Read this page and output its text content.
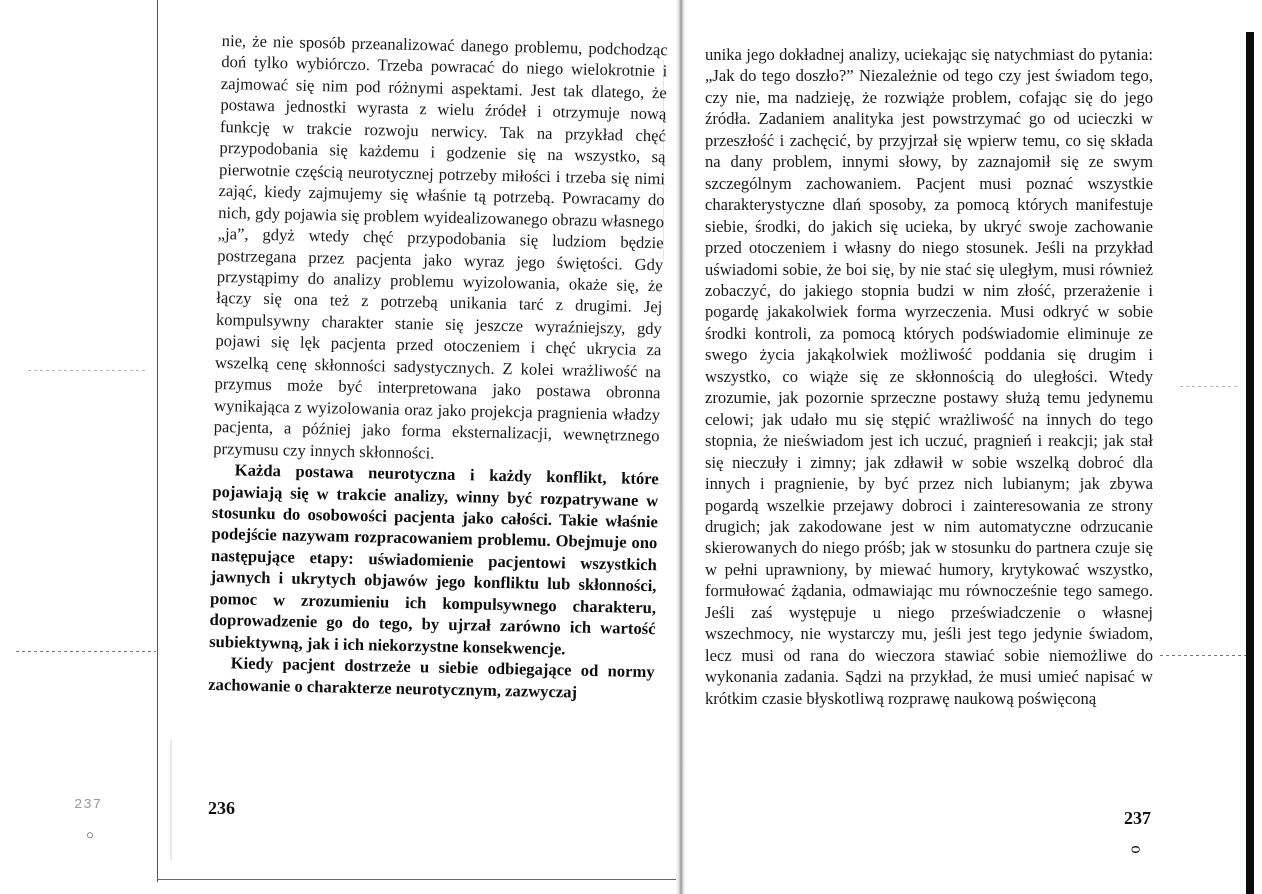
237
○

nie, że nie sposób przeanalizować danego problemu, podchodząc doń tylko wybiórczo. Trzeba powracać do niego wielokrotnie i zajmować się nim pod różnymi aspektami. Jest tak dlatego, że postawa jednostki wyrasta z wielu źródeł i otrzymuje nową funkcję w trakcie rozwoju nerwicy. Tak na przykład chęć przypodobania się każdemu i godzenie się na wszystko, są pierwotnie częścią neurotycznej potrzeby miłości i trzeba się nimi zająć, kiedy zajmujemy się właśnie tą potrzebą. Powracamy do nich, gdy pojawia się problem wyidealizowanego obrazu własnego „ja”, gdyż wtedy chęć przypodobania się ludziom będzie postrzegana przez pacjenta jako wyraz jego świętości. Gdy przystąpimy do analizy problemu wyizolowania, okaże się, że łączy się ona też z potrzebą unikania tarć z drugimi. Jej kompulsywny charakter stanie się jeszcze wyraźniejszy, gdy pojawi się lęk pacjenta przed otoczeniem i chęć ukrycia za wszelką cenę skłonności sadystycznych. Z kolei wrażliwość na przymus może być interpretowana jako postawa obronna wynikająca z wyizolowania oraz jako projekcja pragnienia władzy pacjenta, a później jako forma eksternalizacji, wewnętrznego przymusu czy innych skłonności.

Każda postawa neurotyczna i każdy konflikt, które pojawiają się w trakcie analizy, winny być rozpatrywane w stosunku do osobowości pacjenta jako całości. Takie właśnie podejście nazywam rozpracowaniem problemu. Obejmuje ono następujące etapy: uświadomienie pacjentowi wszystkich jawnych i ukrytych objawów jego konfliktu lub skłonności, pomoc w zrozumieniu ich kompulsywnego charakteru, doprowadzenie go do tego, by ujrzał zarówno ich wartość subiektywną, jak i ich niekorzystne konsekwencje.

Kiedy pacjent dostrzeże u siebie odbiegające od normy zachowanie o charakterze neurotycznym, zazwyczaj

236

unika jego dokładnej analizy, uciekając się natychmiast do pytania: „Jak do tego doszło?” Niezależnie od tego czy jest świadom tego, czy nie, ma nadzieję, że rozwiąże problem, cofając się do jego źródła. Zadaniem analityka jest powstrzymać go od ucieczki w przeszłość i zachęcić, by przyjrzał się wpierw temu, co się składa na dany problem, innymi słowy, by zaznajomił się ze swym szczególnym zachowaniem. Pacjent musi poznać wszystkie charakterystyczne dlań sposoby, za pomocą których manifestuje siebie, środki, do jakich się ucieka, by ukryć swoje zachowanie przed otoczeniem i własny do niego stosunek. Jeśli na przykład uświadomi sobie, że boi się, by nie stać się uległym, musi również zobaczyć, do jakiego stopnia budzi w nim złość, przerażenie i pogardę jakakolwiek forma wyrzeczenia. Musi odkryć w sobie środki kontroli, za pomocą których podświadomie eliminuje ze swego życia jakąkolwiek możliwość poddania się drugim i wszystko, co wiąże się ze skłonnością do uległości. Wtedy zrozumie, jak pozornie sprzeczne postawy służą temu jedynemu celowi; jak udało mu się stępić wrażliwość na innych do tego stopnia, że nieświadom jest ich uczuć, pragnień i reakcji; jak stał się nieczuły i zimny; jak zdławił w sobie wszelką dobroć dla innych i pragnienie, by być przez nich lubianym; jak zbywa pogardą wszelkie przejawy dobroci i zainteresowania ze strony drugich; jak zakodowane jest w nim automatyczne odrzucanie skierowanych do niego próśb; jak w stosunku do partnera czuje się w pełni uprawniony, by miewać humory, krytykować wszystko, formułować żądania, odmawiając mu równocześnie tego samego. Jeśli zaś występuje u niego przeświadczenie o własnej wszechmocy, nie wystarczy mu, jeśli jest tego jedynie świadom, lecz musi od rana do wieczora stawiać sobie niemożliwe do wykonania zadania. Sądzi na przykład, że musi umieć napisać w krótkim czasie błyskotliwą rozprawę naukową poświęconą

237
ᴑ
